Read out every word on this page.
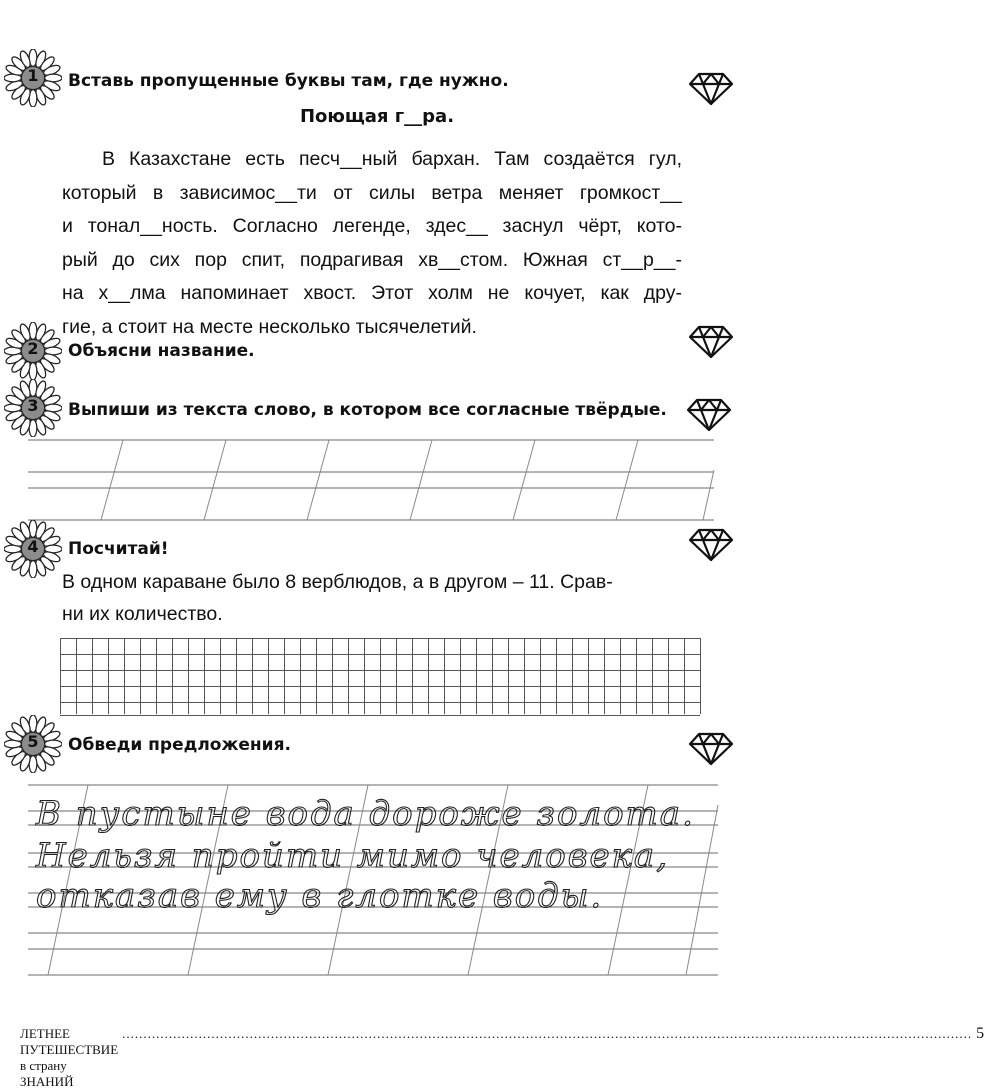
1	Вставь пропущенные буквы там, где нужно.
Поющая г__ра.
В Казахстане есть песч__ный бархан. Там создаётся гул,
который в зависимос__ти от силы ветра меняет громкост__
и тонал__ность. Согласно легенде, здес__ заснул чёрт, кото-
рый до сих пор спит, подрагивая хв__стом. Южная ст__р__-
на х__лма напоминает хвост. Этот холм не кочует, как дру-
гие, а стоит на месте несколько тысячелетий.
2	Объясни название.
3	Выпиши из текста слово, в котором все согласные твёрдые.
4	Посчитай!
В одном караване было 8 верблюдов, а в другом – 11. Срав-
ни их количество.
5	Обведи предложения.
В пустыне вода дороже золота.
Нельзя пройти мимо человека,
отказав ему в глотке воды.
ЛЕТНЕЕ ПУТЕШЕСТВИЕ в страну ЗНАНИЙ
........................................................................................................................................................................................................ 5
